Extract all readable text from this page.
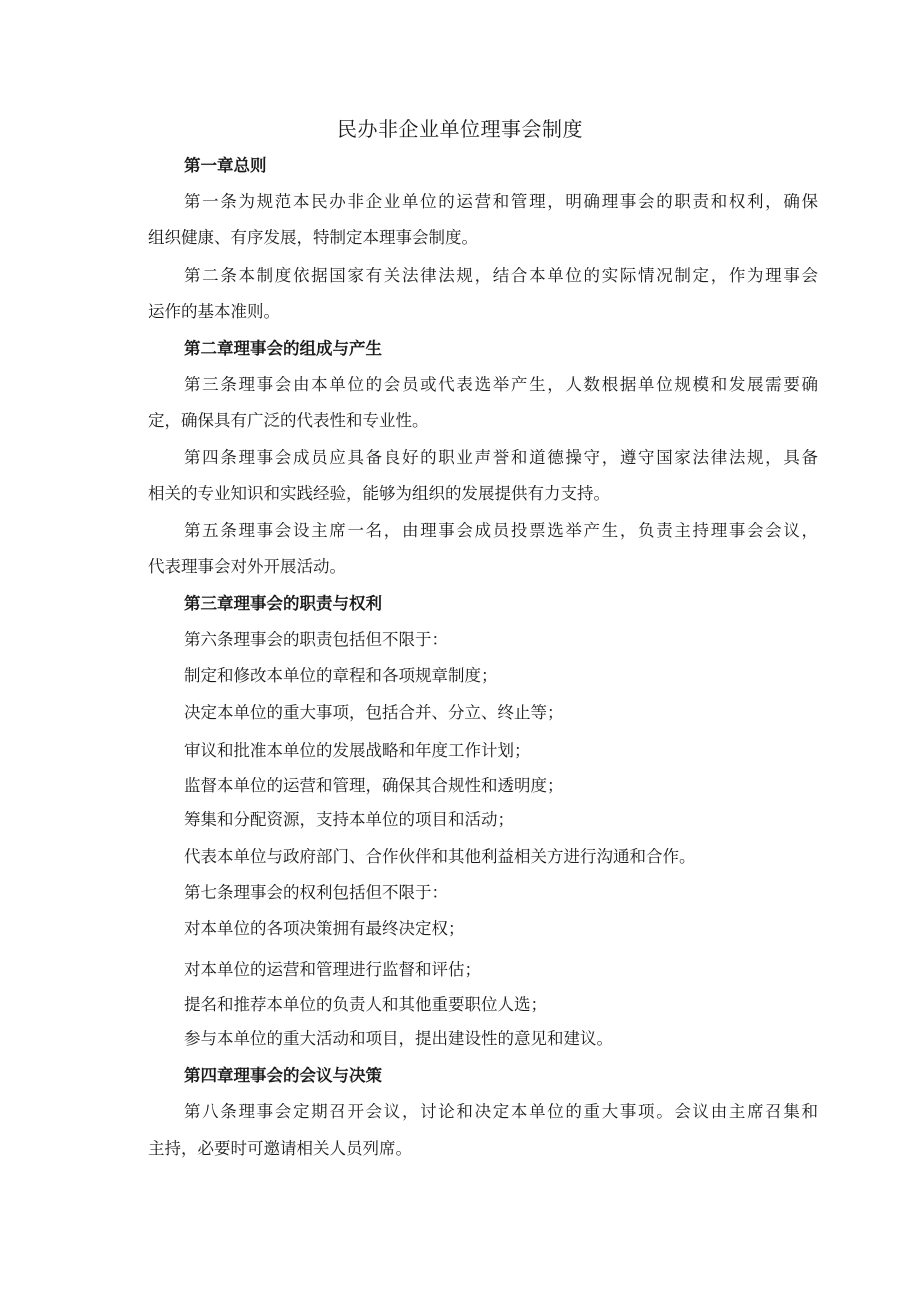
民办非企业单位理事会制度
第一章总则
第一条为规范本民办非企业单位的运营和管理，明确理事会的职责和权利，确保
组织健康、有序发展，特制定本理事会制度。
第二条本制度依据国家有关法律法规，结合本单位的实际情况制定，作为理事会
第二章理事会的组成与产生
第三条理事会由本单位的会员或代表选举产生，人数根据单位规模和发展需要确
定，确保具有广泛的代表性和专业性。
第四条理事会成员应具备良好的职业声誉和道德操守，遵守国家法律法规，具备
相关的专业知识和实践经验，能够为组织的发展提供有力支持。
第五条理事会设主席一名，由理事会成员投票选举产生，负责主持理事会会议，
代表理事会对外开展活动。
第三章理事会的职责与权利
第六条理事会的职责包括但不限于：
制定和修改本单位的章程和各项规章制度；
决定本单位的重大事项，包括合并、分立、终止等；
审议和批准本单位的发展战略和年度工作计划；
监督本单位的运营和管理，确保其合规性和透明度；
筹集和分配资源，支持本单位的项目和活动；
代表本单位与政府部门、合作伙伴和其他利益相关方进行沟通和合作。
第七条理事会的权利包括但不限于：
对本单位的各项决策拥有最终决定权；
对本单位的运营和管理进行监督和评估；
提名和推荐本单位的负责人和其他重要职位人选；
参与本单位的重大活动和项目，提出建设性的意见和建议。
第四章理事会的会议与决策
第八条理事会定期召开会议，讨论和决定本单位的重大事项。会议由主席召集和
主持，必要时可邀请相关人员列席。
运作的基本准则。
